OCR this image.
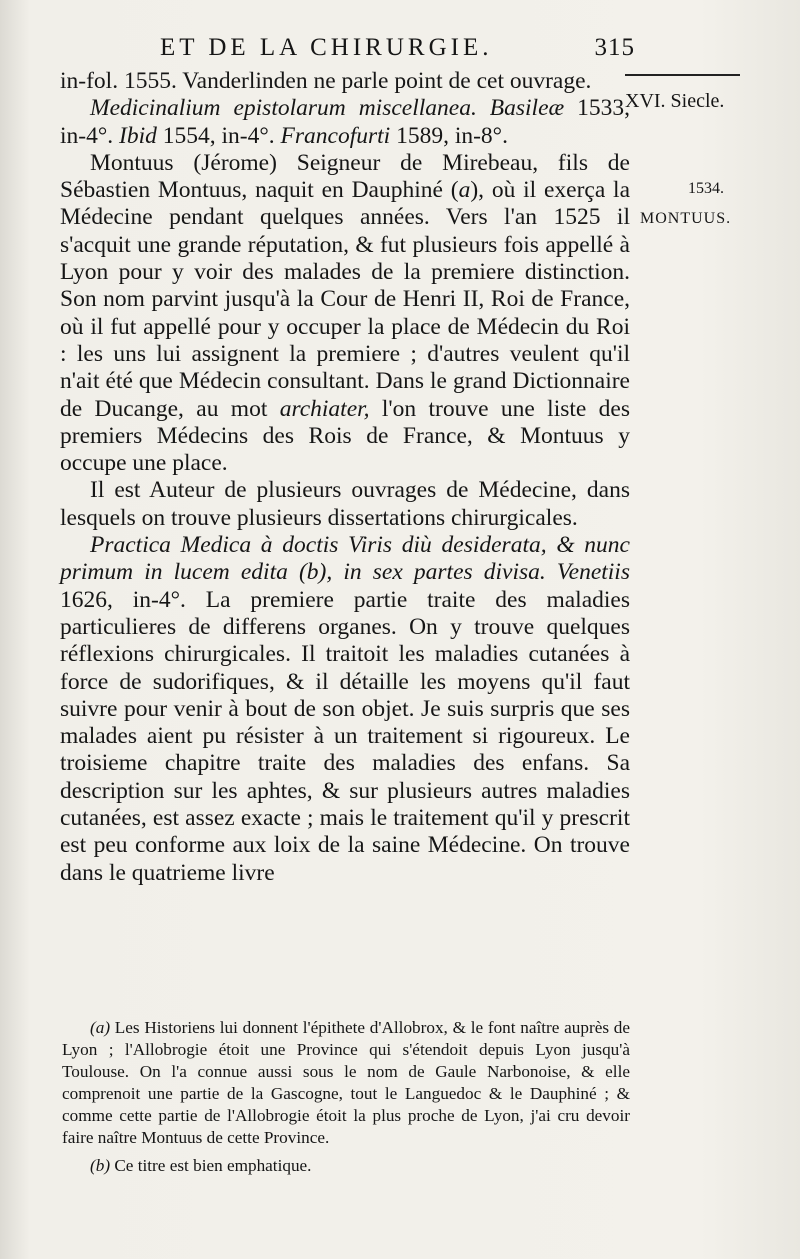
ET DE LA CHIRURGIE.	315
XVI. Siecle.
1534.
MONTUUS.

in-fol. 1555. Vanderlinden ne parle point de cet ouvrage.

Medicinalium epistolarum miscellanea. Basileæ 1533, in-4°. Ibid 1554, in-4°. Francofurti 1589, in-8°.

Montuus (Jérome) Seigneur de Mirebeau, fils de Sébastien Montuus, naquit en Dauphiné (a), où il exerça la Médecine pendant quelques années. Vers l'an 1525 il s'acquit une grande réputation, & fut plusieurs fois appellé à Lyon pour y voir des malades de la premiere distinction. Son nom parvint jusqu'à la Cour de Henri II, Roi de France, où il fut appellé pour y occuper la place de Médecin du Roi : les uns lui assignent la premiere ; d'autres veulent qu'il n'ait été que Médecin consultant. Dans le grand Dictionnaire de Ducange, au mot archiater, l'on trouve une liste des premiers Médecins des Rois de France, & Montuus y occupe une place.

Il est Auteur de plusieurs ouvrages de Médecine, dans lesquels on trouve plusieurs dissertations chirurgicales.

Practica Medica à doctis Viris diù desiderata, & nunc primum in lucem edita (b), in sex partes divisa. Venetiis 1626, in-4°. La premiere partie traite des maladies particulieres de differens organes. On y trouve quelques réflexions chirurgicales. Il traitoit les maladies cutanées à force de sudorifiques, & il détaille les moyens qu'il faut suivre pour venir à bout de son objet. Je suis surpris que ses malades aient pu résister à un traitement si rigoureux. Le troisieme chapitre traite des maladies des enfans. Sa description sur les aphtes, & sur plusieurs autres maladies cutanées, est assez exacte ; mais le traitement qu'il y prescrit est peu conforme aux loix de la saine Médecine. On trouve dans le quatrieme livre

(a) Les Historiens lui donnent l'épithete d'Allobrox, & le font naître auprès de Lyon ; l'Allobrogie étoit une Province qui s'étendoit depuis Lyon jusqu'à Toulouse. On l'a connue aussi sous le nom de Gaule Narbonoise, & elle comprenoit une partie de la Gascogne, tout le Languedoc & le Dauphiné ; & comme cette partie de l'Allobrogie étoit la plus proche de Lyon, j'ai cru devoir faire naître Montuus de cette Province.

(b) Ce titre est bien emphatique.
